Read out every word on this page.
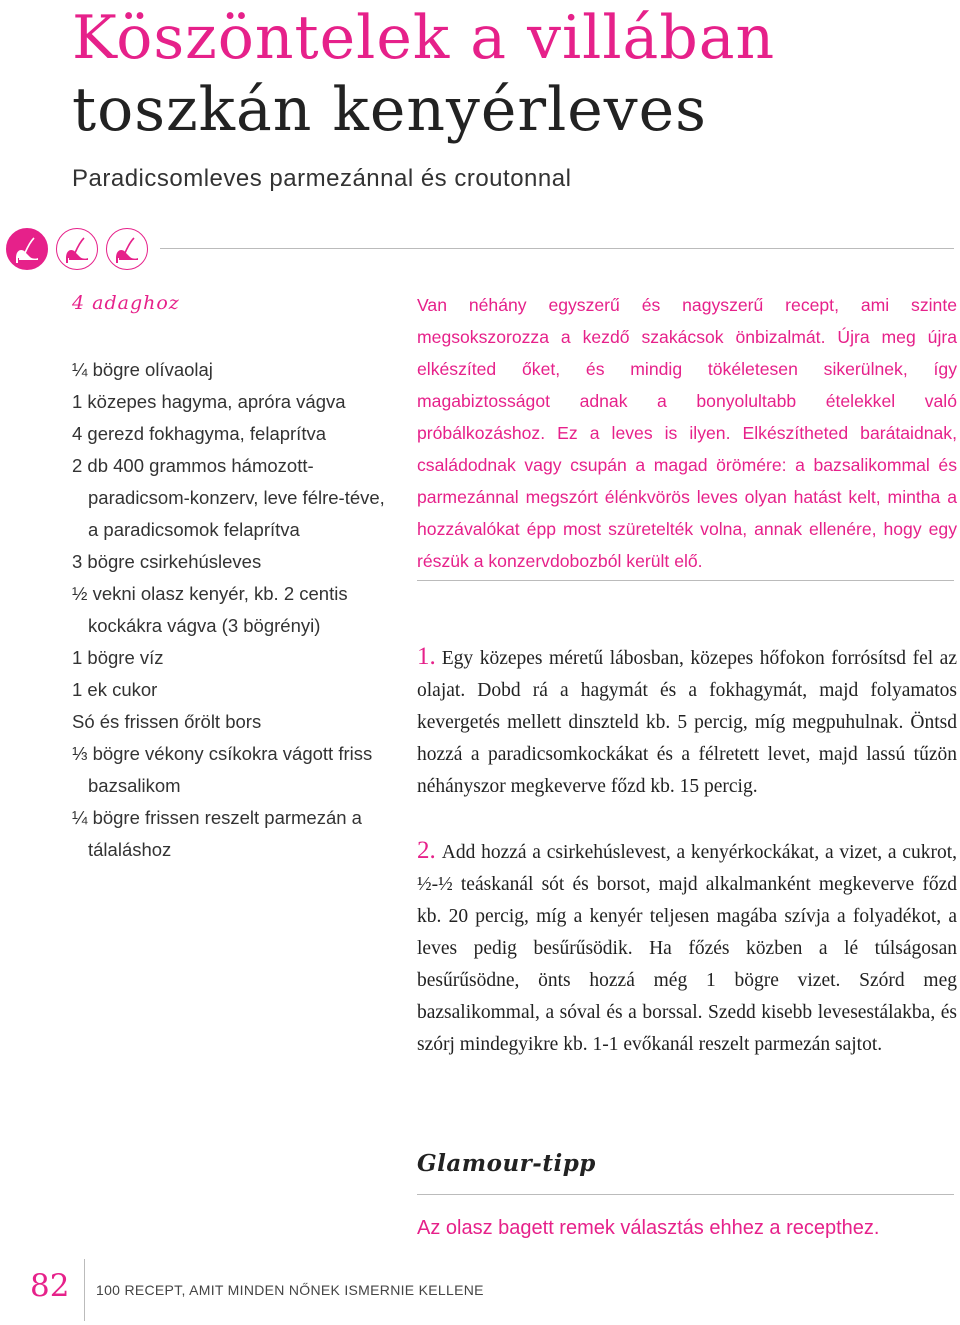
Köszöntelek a villában
toszkán kenyérleves
Paradicsomleves parmezánnal és croutonnal

4 adaghoz

¼ bögre olívaolaj
1 közepes hagyma, apróra vágva
4 gerezd fokhagyma, felaprítva
2 db 400 grammos hámozott-paradicsom-konzerv, leve félre-téve, a paradicsomok felaprítva
3 bögre csirkehúsleves
½ vekni olasz kenyér, kb. 2 centis kockákra vágva (3 bögrényi)
1 bögre víz
1 ek cukor
Só és frissen őrölt bors
⅓ bögre vékony csíkokra vágott friss bazsalikom
¼ bögre frissen reszelt parmezán a tálaláshoz

Van néhány egyszerű és nagyszerű recept, ami szinte megsokszorozza a kezdő szakácsok önbizalmát. Újra meg újra elkészíted őket, és mindig tökéletesen sikerülnek, így magabiztosságot adnak a bonyolultabb ételekkel való próbálkozáshoz. Ez a leves is ilyen. Elkészítheted barátaidnak, családodnak vagy csupán a magad örömére: a bazsalikommal és parmezánnal megszórt élénkvörös leves olyan hatást kelt, mintha a hozzávalókat épp most szüretelték volna, annak ellenére, hogy egy részük a konzervdobozból került elő.

1. Egy közepes méretű lábosban, közepes hőfokon forrósítsd fel az olajat. Dobd rá a hagymát és a fokhagymát, majd folyamatos kevergetés mellett dinszteld kb. 5 percig, míg megpuhulnak. Öntsd hozzá a paradicsomkockákat és a félretett levet, majd lassú tűzön néhányszor megkeverve főzd kb. 15 percig.

2. Add hozzá a csirkehúslevest, a kenyérkockákat, a vizet, a cukrot, ½-½ teáskanál sót és borsot, majd alkalmanként megkeverve főzd kb. 20 percig, míg a kenyér teljesen magába szívja a folyadékot, a leves pedig besűrűsödik. Ha főzés közben a lé túlságosan besűrűsödne, önts hozzá még 1 bögre vizet. Szórd meg bazsalikommal, a sóval és a borssal. Szedd kisebb levesestálakba, és szórj mindegyikre kb. 1-1 evőkanál reszelt parmezán sajtot.

Glamour-tipp

Az olasz bagett remek választás ehhez a recepthez.

82 100 RECEPT, AMIT MINDEN NŐNEK ISMERNIE KELLENE
